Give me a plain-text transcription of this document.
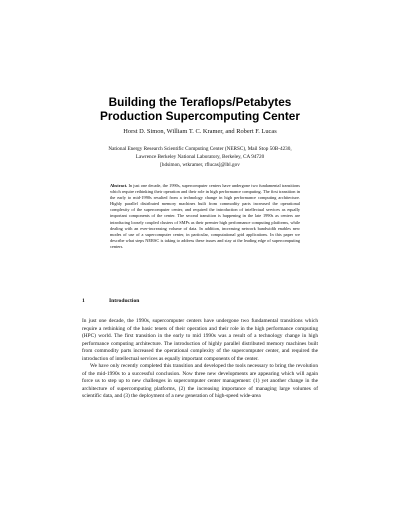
Building the Teraflops/Petabytes
Production Supercomputing Center
Horst D. Simon, William T. C. Kramer, and Robert F. Lucas
National Energy Research Scientific Computing Center (NERSC), Mail Stop 50B-4230,
Lawrence Berkeley National Laboratory, Berkeley, CA 94720
[hdsimon, wtkramer, rflucas]@lbl.gov
Abstract. In just one decade, the 1990s, supercomputer centers have undergone two fundamental transitions which require rethinking their operation and their role in high performance computing. The first transition in the early to mid-1990s resulted from a technology change in high performance computing architecture. Highly parallel distributed memory machines built from commodity parts increased the operational complexity of the supercomputer center, and required the introduction of intellectual services as equally important components of the center. The second transition is happening in the late 1990s as centers are introducing loosely coupled clusters of SMPs as their premier high performance computing platforms, while dealing with an ever-increasing volume of data. In addition, increasing network bandwidth enables new modes of use of a supercomputer center, in particular, computational grid applications. In this paper we describe what steps NERSC is taking to address these issues and stay at the leading edge of supercomputing centers.
1	Introduction

In just one decade, the 1990s, supercomputer centers have undergone two fundamental transitions which require a rethinking of the basic tenets of their operation and their role in the high performance computing (HPC) world. The first transition in the early to mid 1990s was a result of a technology change in high performance computing architecture. The introduction of highly parallel distributed memory machines built from commodity parts increased the operational complexity of the supercomputer center, and required the introduction of intellectual services as equally important components of the center.

We have only recently completed this transition and developed the tools necessary to bring the revolution of the mid-1990s to a successful conclusion. Now three new developments are appearing which will again force us to step up to new challenges in supercomputer center management: (1) yet another change in the architecture of supercomputing platforms, (2) the increasing importance of managing large volumes of scientific data, and (3) the deployment of a new generation of high-speed wide-area
